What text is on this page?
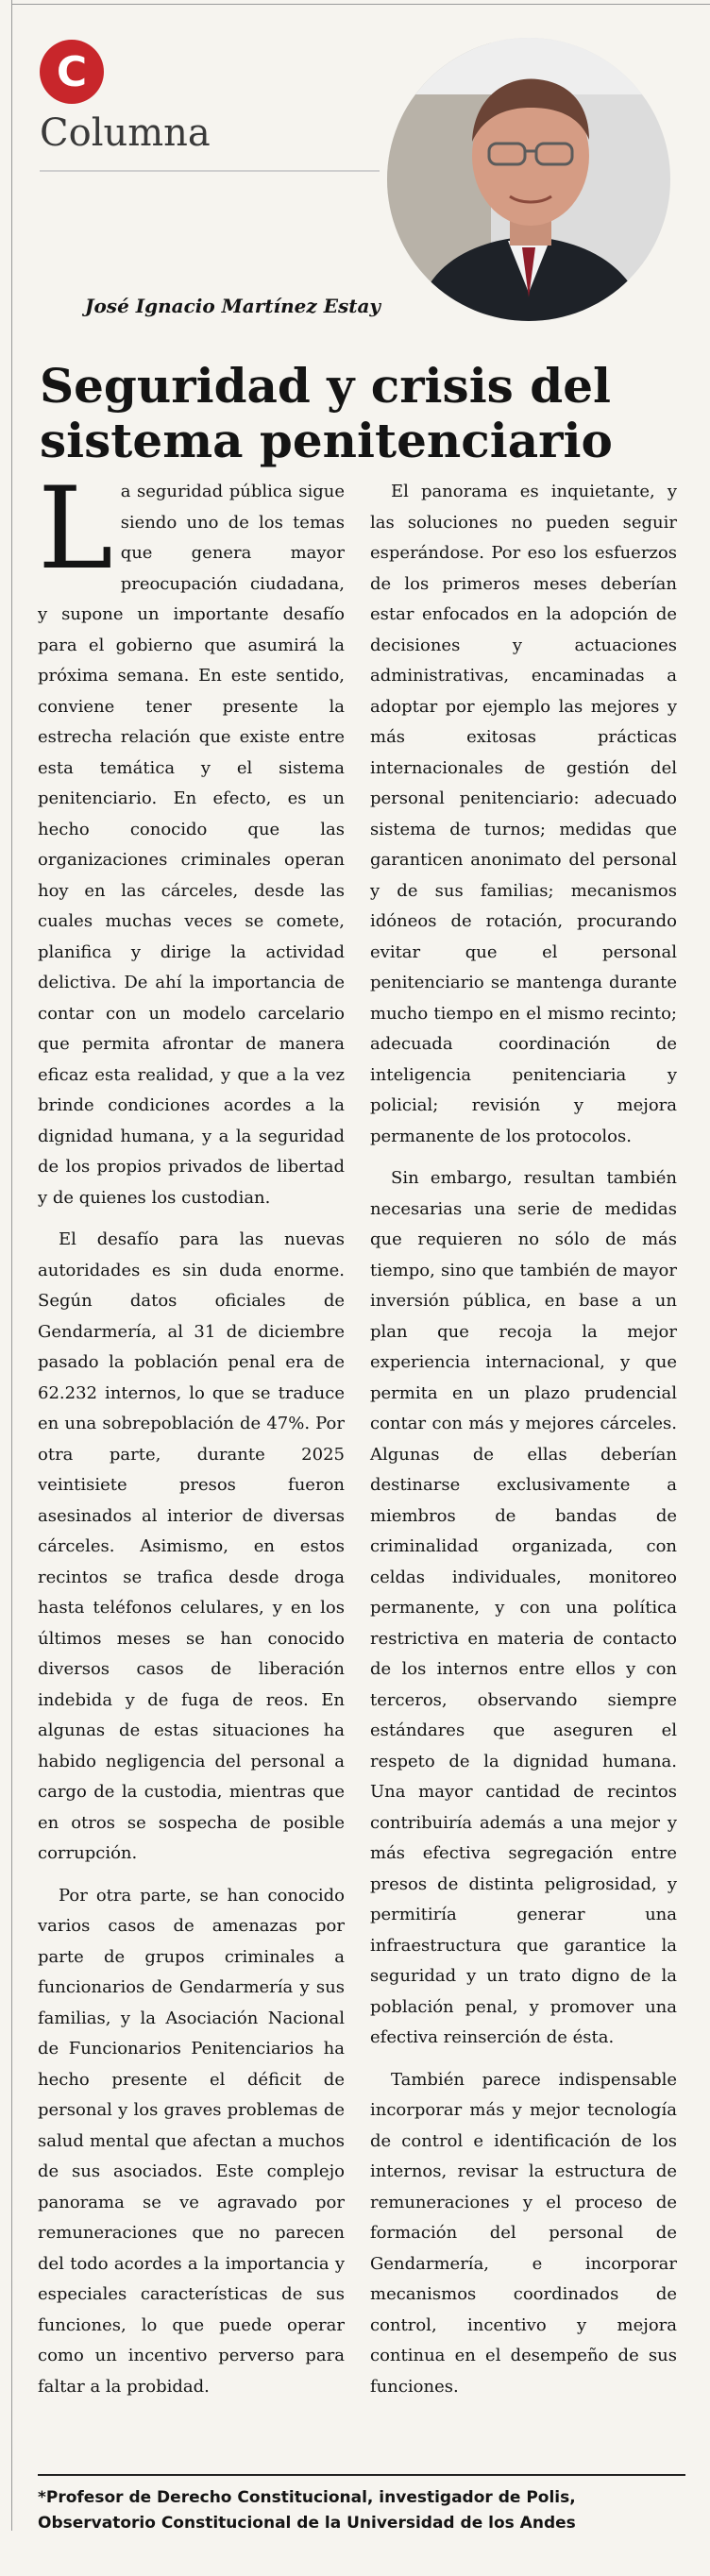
C
Columna
José Ignacio Martínez Estay
Seguridad y crisis del sistema penitenciario

La seguridad pública sigue siendo uno de los temas que genera mayor preocupación ciudadana, y supone un importante desafío para el gobierno que asumirá la próxima semana. En este sentido, conviene tener presente la estrecha relación que existe entre esta temática y el sistema penitenciario. En efecto, es un hecho conocido que las organizaciones criminales operan hoy en las cárceles, desde las cuales muchas veces se comete, planifica y dirige la actividad delictiva. De ahí la importancia de contar con un modelo carcelario que permita afrontar de manera eficaz esta realidad, y que a la vez brinde condiciones acordes a la dignidad humana, y a la seguridad de los propios privados de libertad y de quienes los custodian.

El desafío para las nuevas autoridades es sin duda enorme. Según datos oficiales de Gendarmería, al 31 de diciembre pasado la población penal era de 62.232 internos, lo que se traduce en una sobrepoblación de 47%. Por otra parte, durante 2025 veintisiete presos fueron asesinados al interior de diversas cárceles. Asimismo, en estos recintos se trafica desde droga hasta teléfonos celulares, y en los últimos meses se han conocido diversos casos de liberación indebida y de fuga de reos. En algunas de estas situaciones ha habido negligencia del personal a cargo de la custodia, mientras que en otros se sospecha de posible corrupción.

Por otra parte, se han conocido varios casos de amenazas por parte de grupos criminales a funcionarios de Gendarmería y sus familias, y la Asociación Nacional de Funcionarios Penitenciarios ha hecho presente el déficit de personal y los graves problemas de salud mental que afectan a muchos de sus asociados. Este complejo panorama se ve agravado por remuneraciones que no parecen del todo acordes a la importancia y especiales características de sus funciones, lo que puede operar como un incentivo perverso para faltar a la probidad.

El panorama es inquietante, y las soluciones no pueden seguir esperándose. Por eso los esfuerzos de los primeros meses deberían estar enfocados en la adopción de decisiones y actuaciones administrativas, encaminadas a adoptar por ejemplo las mejores y más exitosas prácticas internacionales de gestión del personal penitenciario: adecuado sistema de turnos; medidas que garanticen anonimato del personal y de sus familias; mecanismos idóneos de rotación, procurando evitar que el personal penitenciario se mantenga durante mucho tiempo en el mismo recinto; adecuada coordinación de inteligencia penitenciaria y policial; revisión y mejora permanente de los protocolos.

Sin embargo, resultan también necesarias una serie de medidas que requieren no sólo de más tiempo, sino que también de mayor inversión pública, en base a un plan que recoja la mejor experiencia internacional, y que permita en un plazo prudencial contar con más y mejores cárceles. Algunas de ellas deberían destinarse exclusivamente a miembros de bandas de criminalidad organizada, con celdas individuales, monitoreo permanente, y con una política restrictiva en materia de contacto de los internos entre ellos y con terceros, observando siempre estándares que aseguren el respeto de la dignidad humana. Una mayor cantidad de recintos contribuiría además a una mejor y más efectiva segregación entre presos de distinta peligrosidad, y permitiría generar una infraestructura que garantice la seguridad y un trato digno de la población penal, y promover una efectiva reinserción de ésta.

También parece indispensable incorporar más y mejor tecnología de control e identificación de los internos, revisar la estructura de remuneraciones y el proceso de formación del personal de Gendarmería, e incorporar mecanismos coordinados de control, incentivo y mejora continua en el desempeño de sus funciones.

*Profesor de Derecho Constitucional, investigador de Polis, Observatorio Constitucional de la Universidad de los Andes
